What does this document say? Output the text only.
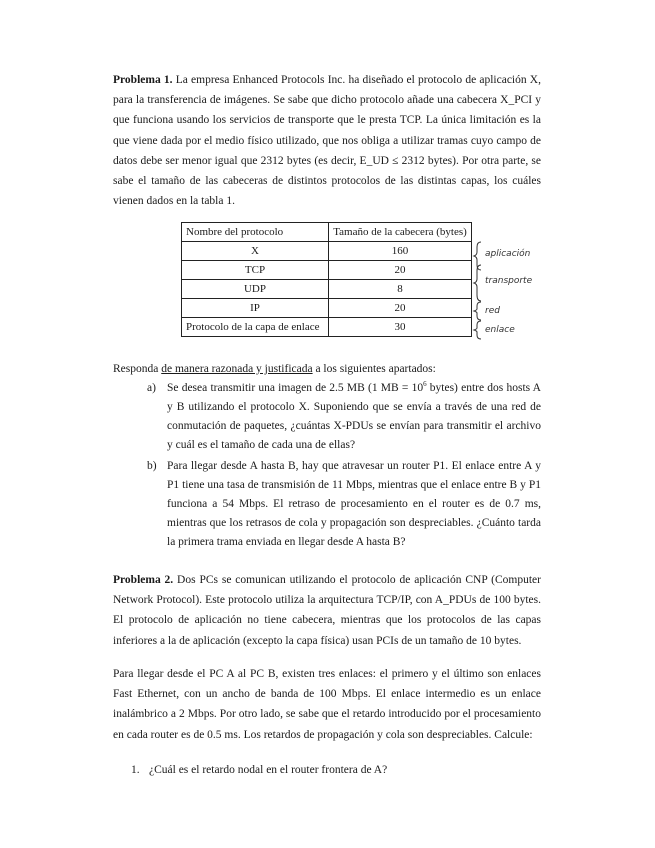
Problema 1. La empresa Enhanced Protocols Inc. ha diseñado el protocolo de aplicación X, para la transferencia de imágenes. Se sabe que dicho protocolo añade una cabecera X_PCI y que funciona usando los servicios de transporte que le presta TCP. La única limitación es la que viene dada por el medio físico utilizado, que nos obliga a utilizar tramas cuyo campo de datos debe ser menor igual que 2312 bytes (es decir, E_UD ≤ 2312 bytes). Por otra parte, se sabe el tamaño de las cabeceras de distintos protocolos de las distintas capas, los cuáles vienen dados en la tabla 1.

Nombre del protocolo	Tamaño de la cabecera (bytes)
X	160
TCP	20
UDP	8
IP	20
Protocolo de la capa de enlace	30
aplicación
transporte
red
enlace

Responda de manera razonada y justificada a los siguientes apartados:

a) Se desea transmitir una imagen de 2.5 MB (1 MB = $10^6$ bytes) entre dos hosts A y B utilizando el protocolo X. Suponiendo que se envía a través de una red de conmutación de paquetes, ¿cuántas X-PDUs se envían para transmitir el archivo y cuál es el tamaño de cada una de ellas?
b) Para llegar desde A hasta B, hay que atravesar un router P1. El enlace entre A y P1 tiene una tasa de transmisión de 11 Mbps, mientras que el enlace entre B y P1 funciona a 54 Mbps. El retraso de procesamiento en el router es de 0.7 ms, mientras que los retrasos de cola y propagación son despreciables. ¿Cuánto tarda la primera trama enviada en llegar desde A hasta B?

Problema 2. Dos PCs se comunican utilizando el protocolo de aplicación CNP (Computer Network Protocol). Este protocolo utiliza la arquitectura TCP/IP, con A_PDUs de 100 bytes. El protocolo de aplicación no tiene cabecera, mientras que los protocolos de las capas inferiores a la de aplicación (excepto la capa física) usan PCIs de un tamaño de 10 bytes.

Para llegar desde el PC A al PC B, existen tres enlaces: el primero y el último son enlaces Fast Ethernet, con un ancho de banda de 100 Mbps. El enlace intermedio es un enlace inalámbrico a 2 Mbps. Por otro lado, se sabe que el retardo introducido por el procesamiento en cada router es de 0.5 ms. Los retardos de propagación y cola son despreciables. Calcule:

1. ¿Cuál es el retardo nodal en el router frontera de A?
